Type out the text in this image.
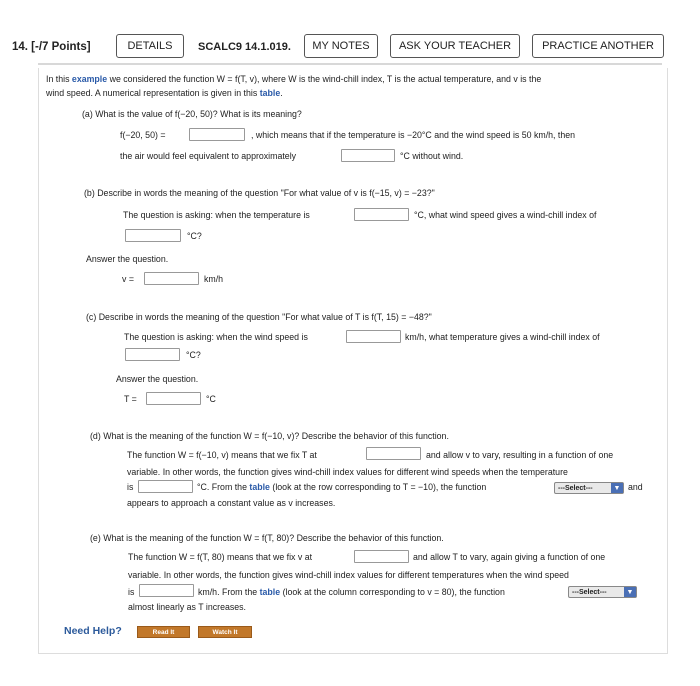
14. [-/7 Points]	DETAILS	SCALC9 14.1.019.	MY NOTES	ASK YOUR TEACHER	PRACTICE ANOTHER
In this example we considered the function W = f(T, v), where W is the wind-chill index, T is the actual temperature, and v is the
wind speed. A numerical representation is given in this table.
(a) What is the value of f(−20, 50)? What is its meaning?
f(−20, 50) =	, which means that if the temperature is −20°C and the wind speed is 50 km/h, then
the air would feel equivalent to approximately	°C without wind.
(b) Describe in words the meaning of the question "For what value of v is f(−15, v) = −23?"
The question is asking: when the temperature is	°C, what wind speed gives a wind-chill index of
°C?
Answer the question.
v =	km/h
(c) Describe in words the meaning of the question "For what value of T is f(T, 15) = −48?"
The question is asking: when the wind speed is	km/h, what temperature gives a wind-chill index of
°C?
Answer the question.
T =	°C
(d) What is the meaning of the function W = f(−10, v)? Describe the behavior of this function.
The function W = f(−10, v) means that we fix T at	and allow v to vary, resulting in a function of one
variable. In other words, the function gives wind-chill index values for different wind speeds when the temperature
is	°C. From the table (look at the row corresponding to T = −10), the function	---Select---	▼ and
appears to approach a constant value as v increases.
(e) What is the meaning of the function W = f(T, 80)? Describe the behavior of this function.
The function W = f(T, 80) means that we fix v at	and allow T to vary, again giving a function of one
variable. In other words, the function gives wind-chill index values for different temperatures when the wind speed
is	km/h. From the table (look at the column corresponding to v = 80), the function	---Select---	▼
almost linearly as T increases.
Need Help?	Read It	Watch It
